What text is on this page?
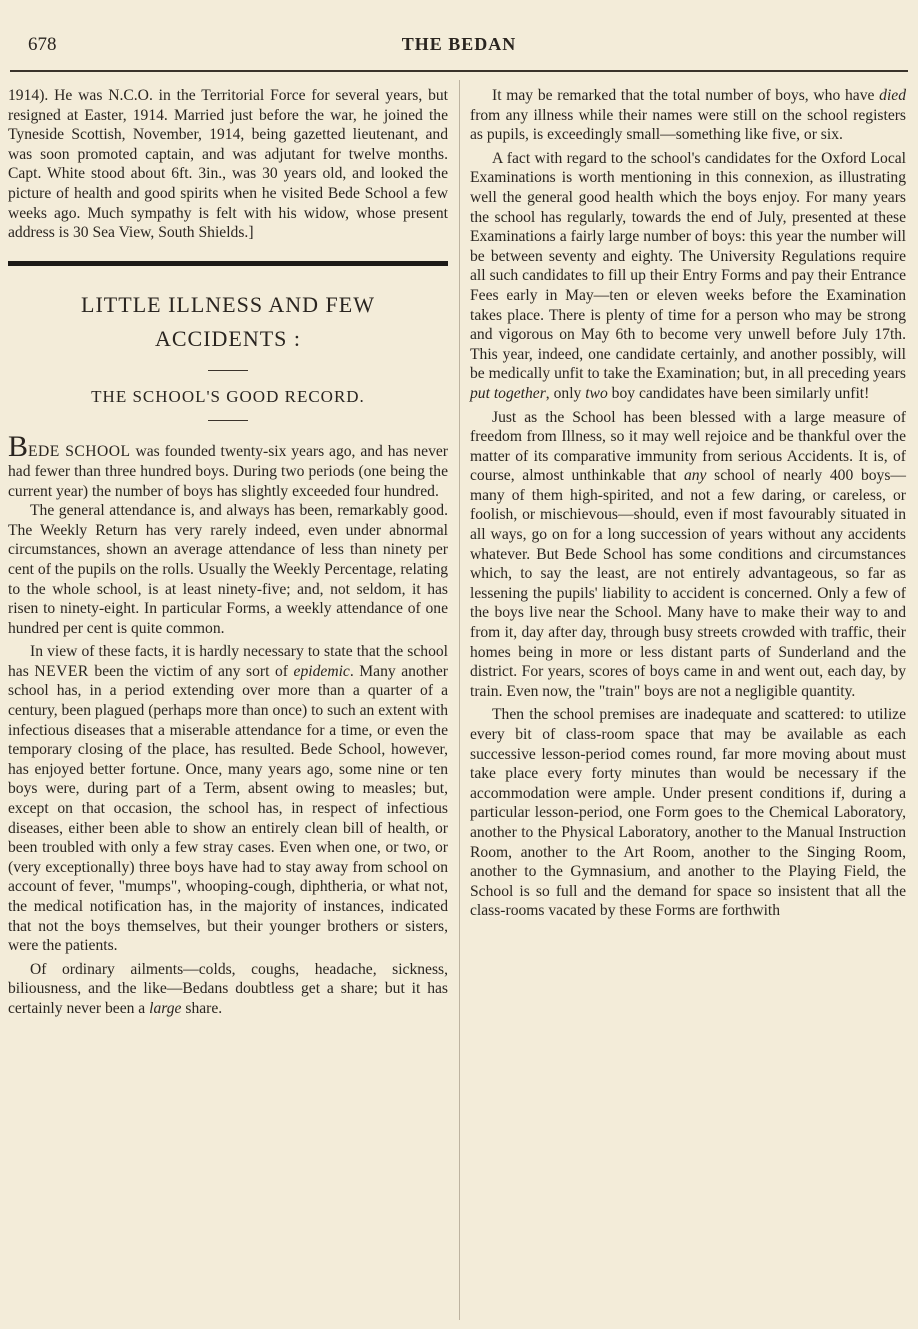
678	THE BEDAN

1914). He was N.C.O. in the Territorial Force for several years, but resigned at Easter, 1914. Married just before the war, he joined the Tyneside Scottish, November, 1914, being gazetted lieutenant, and was soon promoted captain, and was adjutant for twelve months. Capt. White stood about 6ft. 3in., was 30 years old, and looked the picture of health and good spirits when he visited Bede School a few weeks ago. Much sympathy is felt with his widow, whose present address is 30 Sea View, South Shields.]

LITTLE ILLNESS AND FEW
ACCIDENTS :
THE SCHOOL'S GOOD RECORD.

BEDE SCHOOL was founded twenty-six years ago, and has never had fewer than three hundred boys. During two periods (one being the current year) the number of boys has slightly exceeded four hundred.

The general attendance is, and always has been, remarkably good. The Weekly Return has very rarely indeed, even under abnormal circumstances, shown an average attendance of less than ninety per cent of the pupils on the rolls. Usually the Weekly Percentage, relating to the whole school, is at least ninety-five; and, not seldom, it has risen to ninety-eight. In particular Forms, a weekly attendance of one hundred per cent is quite common.

In view of these facts, it is hardly necessary to state that the school has NEVER been the victim of any sort of epidemic. Many another school has, in a period extending over more than a quarter of a century, been plagued (perhaps more than once) to such an extent with infectious diseases that a miserable attendance for a time, or even the temporary closing of the place, has resulted. Bede School, however, has enjoyed better fortune. Once, many years ago, some nine or ten boys were, during part of a Term, absent owing to measles; but, except on that occasion, the school has, in respect of infectious diseases, either been able to show an entirely clean bill of health, or been troubled with only a few stray cases. Even when one, or two, or (very exceptionally) three boys have had to stay away from school on account of fever, "mumps", whooping-cough, diphtheria, or what not, the medical notification has, in the majority of instances, indicated that not the boys themselves, but their younger brothers or sisters, were the patients.

Of ordinary ailments—colds, coughs, headache, sickness, biliousness, and the like—Bedans doubtless get a share; but it has certainly never been a large share.

It may be remarked that the total number of boys, who have died from any illness while their names were still on the school registers as pupils, is exceedingly small—something like five, or six.

A fact with regard to the school's candidates for the Oxford Local Examinations is worth mentioning in this connexion, as illustrating well the general good health which the boys enjoy. For many years the school has regularly, towards the end of July, presented at these Examinations a fairly large number of boys: this year the number will be between seventy and eighty. The University Regulations require all such candidates to fill up their Entry Forms and pay their Entrance Fees early in May—ten or eleven weeks before the Examination takes place. There is plenty of time for a person who may be strong and vigorous on May 6th to become very unwell before July 17th. This year, indeed, one candidate certainly, and another possibly, will be medically unfit to take the Examination; but, in all preceding years put together, only two boy candidates have been similarly unfit!

Just as the School has been blessed with a large measure of freedom from Illness, so it may well rejoice and be thankful over the matter of its comparative immunity from serious Accidents. It is, of course, almost unthinkable that any school of nearly 400 boys—many of them high-spirited, and not a few daring, or careless, or foolish, or mischievous—should, even if most favourably situated in all ways, go on for a long succession of years without any accidents whatever. But Bede School has some conditions and circumstances which, to say the least, are not entirely advantageous, so far as lessening the pupils' liability to accident is concerned. Only a few of the boys live near the School. Many have to make their way to and from it, day after day, through busy streets crowded with traffic, their homes being in more or less distant parts of Sunderland and the district. For years, scores of boys came in and went out, each day, by train. Even now, the "train" boys are not a negligible quantity.

Then the school premises are inadequate and scattered: to utilize every bit of class-room space that may be available as each successive lesson-period comes round, far more moving about must take place every forty minutes than would be necessary if the accommodation were ample. Under present conditions if, during a particular lesson-period, one Form goes to the Chemical Laboratory, another to the Physical Laboratory, another to the Manual Instruction Room, another to the Art Room, another to the Singing Room, another to the Gymnasium, and another to the Playing Field, the School is so full and the demand for space so insistent that all the class-rooms vacated by these Forms are forthwith
